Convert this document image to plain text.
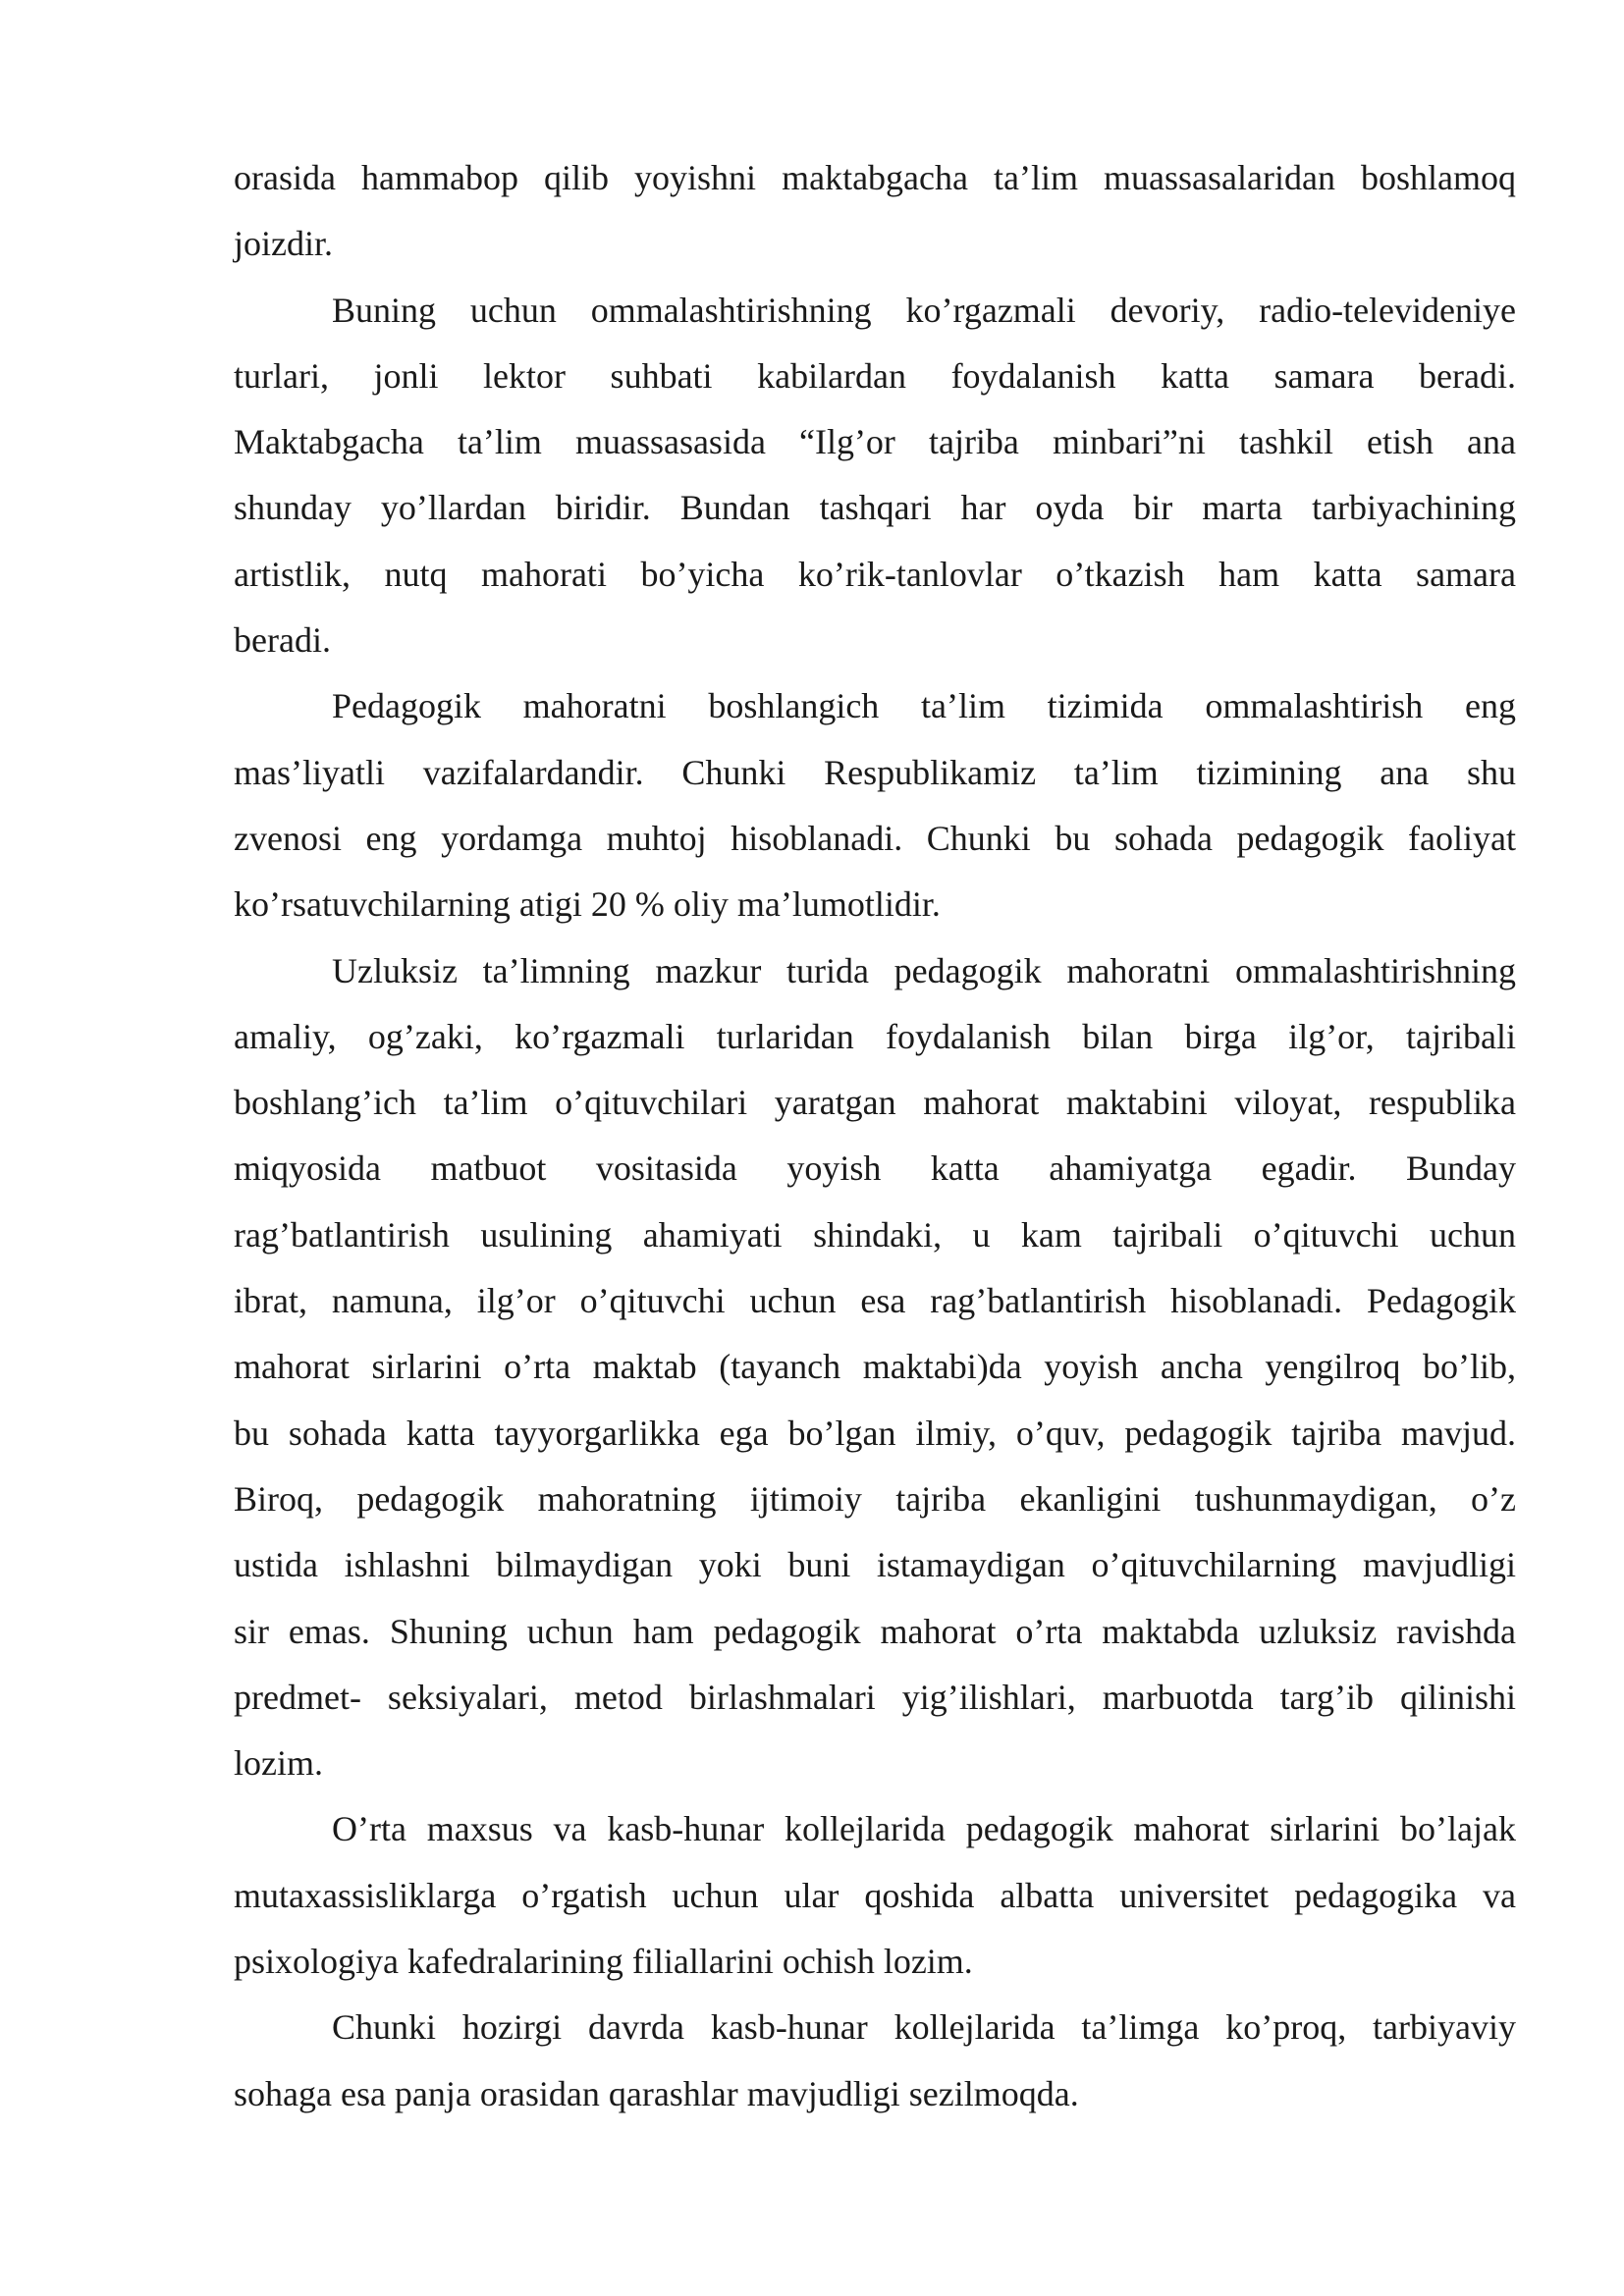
orasida hammabop qilib yoyishni maktabgacha ta’lim muassasalaridan boshlamoq
joizdir.
Buning uchun ommalashtirishning ko’rgazmali devoriy, radio-televideniye
turlari, jonli lektor suhbati kabilardan foydalanish katta samara beradi.
Maktabgacha ta’lim muassasasida “Ilg’or tajriba minbari”ni tashkil etish ana
shunday yo’llardan biridir. Bundan tashqari har oyda bir marta tarbiyachining
artistlik, nutq mahorati bo’yicha ko’rik-tanlovlar o’tkazish ham katta samara
beradi.
Pedagogik mahoratni boshlangich ta’lim tizimida ommalashtirish eng
mas’liyatli vazifalardandir. Chunki Respublikamiz ta’lim tizimining ana shu
zvenosi eng yordamga muhtoj hisoblanadi. Chunki bu sohada pedagogik faoliyat
ko’rsatuvchilarning atigi 20 % oliy ma’lumotlidir.
Uzluksiz ta’limning mazkur turida pedagogik mahoratni ommalashtirishning
amaliy, og’zaki, ko’rgazmali turlaridan foydalanish bilan birga ilg’or, tajribali
boshlang’ich ta’lim o’qituvchilari yaratgan mahorat maktabini viloyat, respublika
miqyosida matbuot vositasida yoyish katta ahamiyatga egadir. Bunday
rag’batlantirish usulining ahamiyati shindaki, u kam tajribali o’qituvchi uchun
ibrat, namuna, ilg’or o’qituvchi uchun esa rag’batlantirish hisoblanadi. Pedagogik
mahorat sirlarini o’rta maktab (tayanch maktabi)da yoyish ancha yengilroq bo’lib,
bu sohada katta tayyorgarlikka ega bo’lgan ilmiy, o’quv, pedagogik tajriba mavjud.
Biroq, pedagogik mahoratning ijtimoiy tajriba ekanligini tushunmaydigan, o’z
ustida ishlashni bilmaydigan yoki buni istamaydigan o’qituvchilarning mavjudligi
sir emas. Shuning uchun ham pedagogik mahorat o’rta maktabda uzluksiz ravishda
predmet- seksiyalari, metod birlashmalari yig’ilishlari, marbuotda targ’ib qilinishi
lozim.
O’rta maxsus va kasb-hunar kollejlarida pedagogik mahorat sirlarini bo’lajak
mutaxassisliklarga o’rgatish uchun ular qoshida albatta universitet pedagogika va
psixologiya kafedralarining filiallarini ochish lozim.
Chunki hozirgi davrda kasb-hunar kollejlarida ta’limga ko’proq, tarbiyaviy
sohaga esa panja orasidan qarashlar mavjudligi sezilmoqda.
